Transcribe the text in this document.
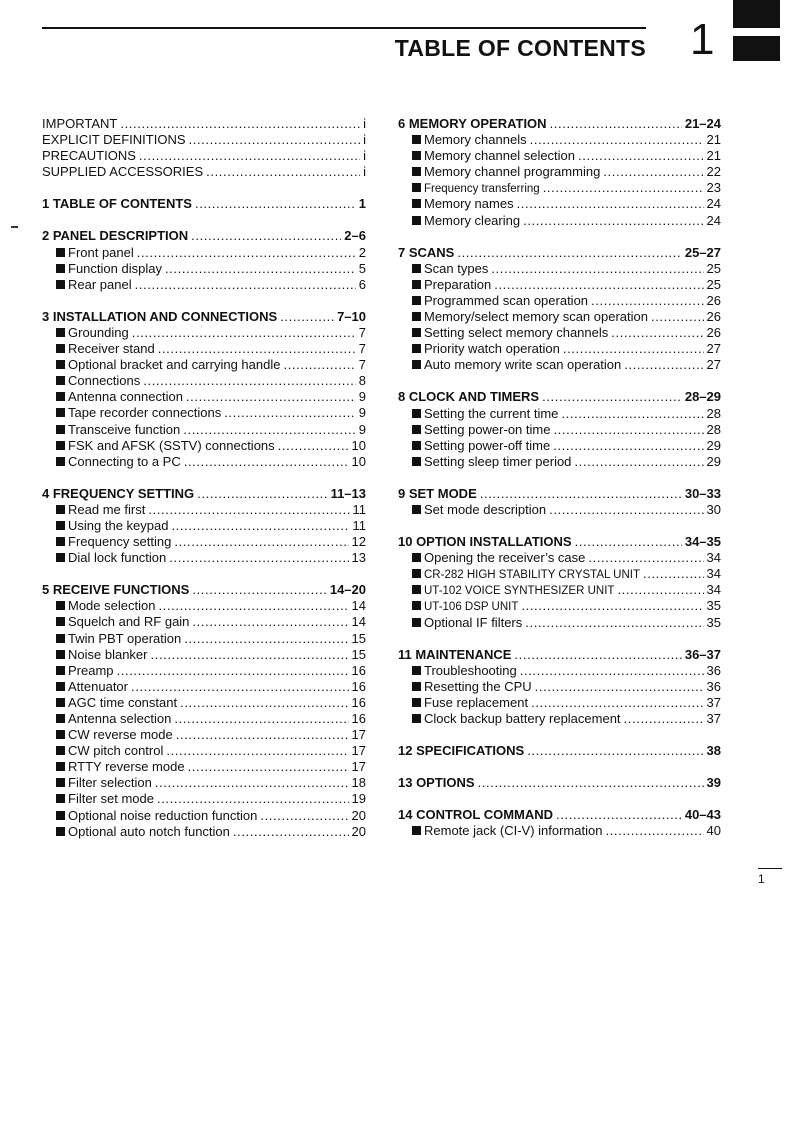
TABLE OF CONTENTS 1
IMPORTANT . . .	i
EXPLICIT DEFINITIONS . . .	i
PRECAUTIONS . . .	i
SUPPLIED ACCESSORIES . . .	i
1 TABLE OF CONTENTS . . .	1
2 PANEL DESCRIPTION . . .	2–6
Front panel . . .	2
Function display . . .	5
Rear panel . . .	6
3 INSTALLATION AND CONNECTIONS . . .	7–10
Grounding . . .	7
Receiver stand . . .	7
Optional bracket and carrying handle . . .	7
Connections . . .	8
Antenna connection . . .	9
Tape recorder connections . . .	9
Transceive function . . .	9
FSK and AFSK (SSTV) connections . . .	10
Connecting to a PC . . .	10
4 FREQUENCY SETTING . . .	11–13
Read me first . . .	11
Using the keypad . . .	11
Frequency setting . . .	12
Dial lock function . . .	13
5 RECEIVE FUNCTIONS . . .	14–20
Mode selection . . .	14
Squelch and RF gain . . .	14
Twin PBT operation . . .	15
Noise blanker . . .	15
Preamp . . .	16
Attenuator . . .	16
AGC time constant . . .	16
Antenna selection . . .	16
CW reverse mode . . .	17
CW pitch control . . .	17
RTTY reverse mode . . .	17
Filter selection . . .	18
Filter set mode . . .	19
Optional noise reduction function . . .	20
Optional auto notch function . . .	20
6 MEMORY OPERATION . . .	21–24
Memory channels . . .	21
Memory channel selection . . .	21
Memory channel programming . . .	22
Frequency transferring . . .	23
Memory names . . .	24
Memory clearing . . .	24
7 SCANS . . .	25–27
Scan types . . .	25
Preparation . . .	25
Programmed scan operation . . .	26
Memory/select memory scan operation . . .	26
Setting select memory channels . . .	26
Priority watch operation . . .	27
Auto memory write scan operation . . .	27
8 CLOCK AND TIMERS . . .	28–29
Setting the current time . . .	28
Setting power-on time . . .	28
Setting power-off time . . .	29
Setting sleep timer period . . .	29
9 SET MODE . . .	30–33
Set mode description . . .	30
10 OPTION INSTALLATIONS . . .	34–35
Opening the receiver’s case . . .	34
CR-282 HIGH STABILITY CRYSTAL UNIT . . .	34
UT-102 VOICE SYNTHESIZER UNIT . . .	34
UT-106 DSP UNIT . . .	35
Optional IF filters . . .	35
11 MAINTENANCE . . .	36–37
Troubleshooting . . .	36
Resetting the CPU . . .	36
Fuse replacement . . .	37
Clock backup battery replacement . . .	37
12 SPECIFICATIONS . . .	38
13 OPTIONS . . .	39
14 CONTROL COMMAND . . .	40–43
Remote jack (CI-V) information . . .	40
1
